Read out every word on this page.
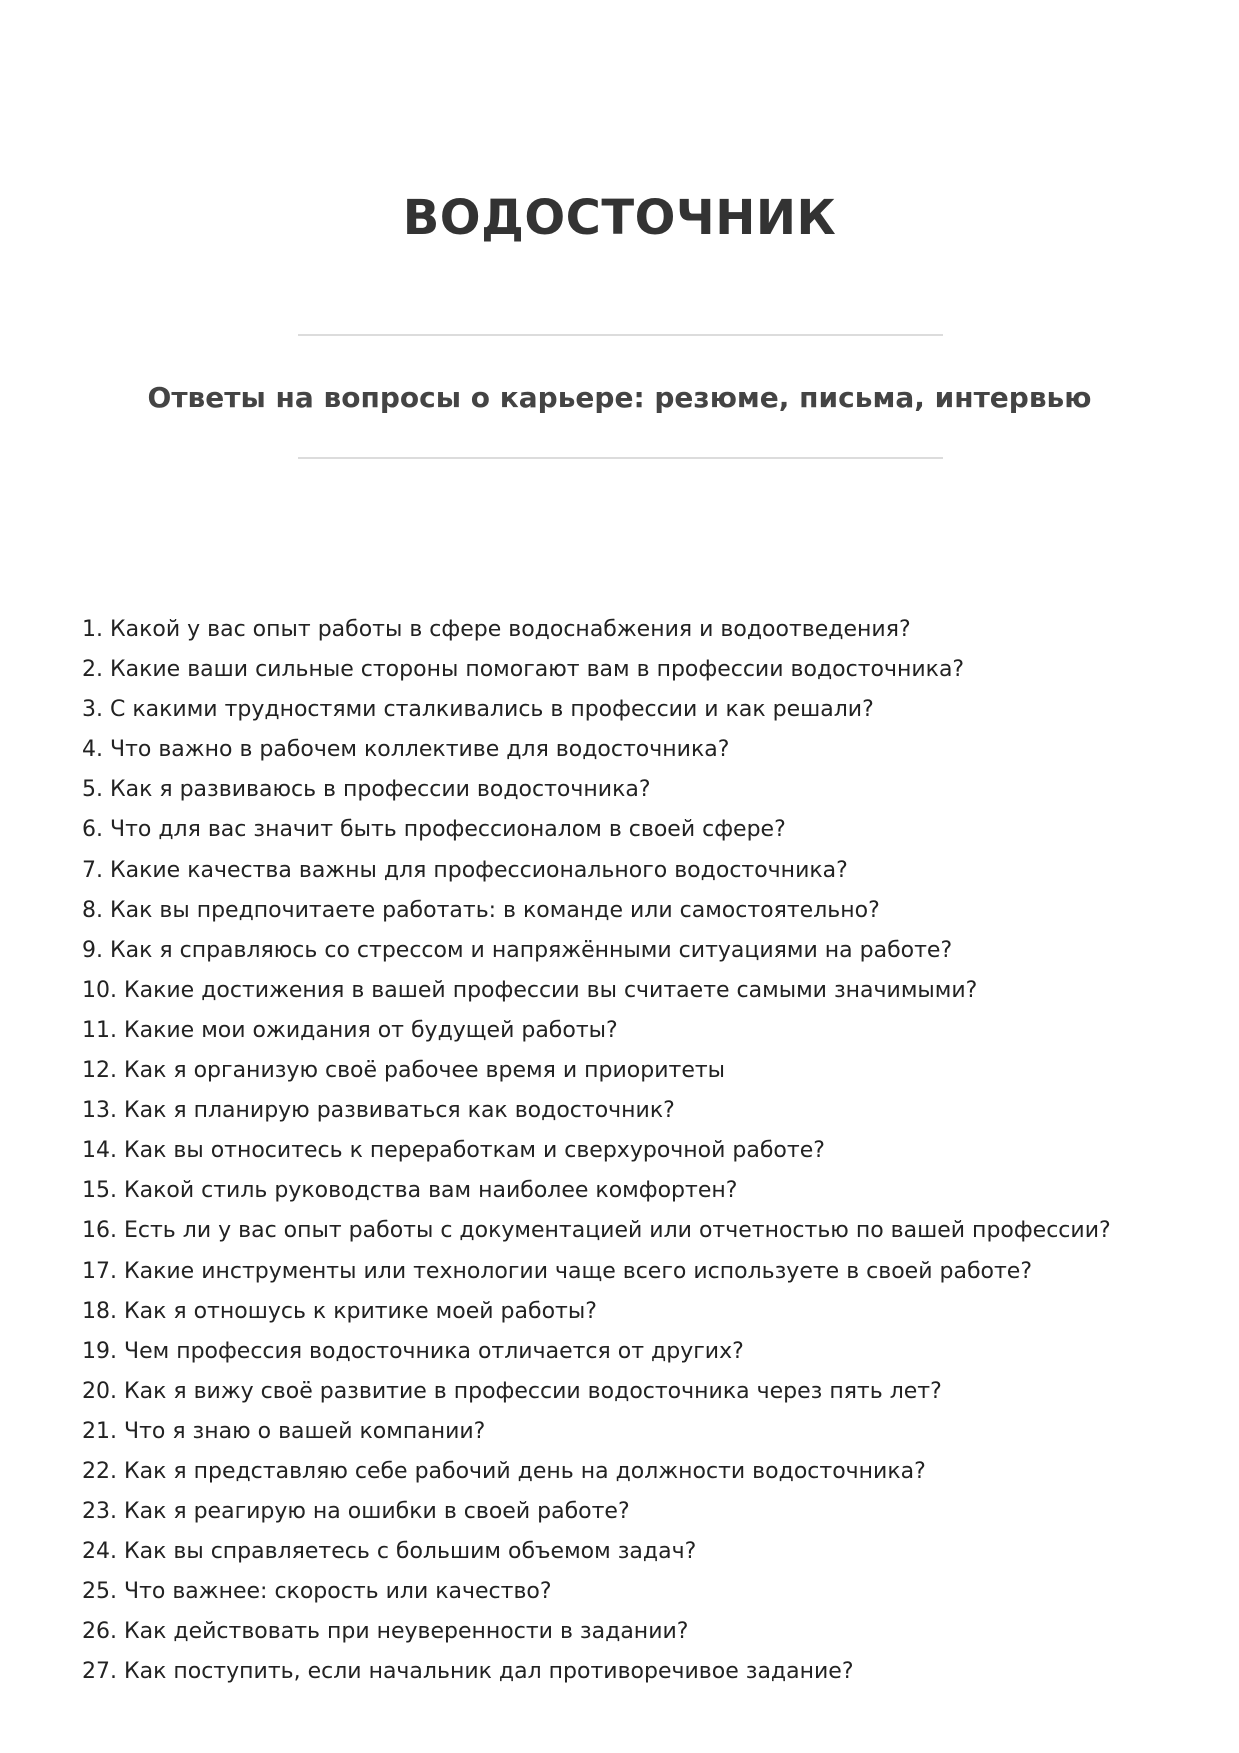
ВОДОСТОЧНИК
Ответы на вопросы о карьере: резюме, письма, интервью
1. Какой у вас опыт работы в сфере водоснабжения и водоотведения?
2. Какие ваши сильные стороны помогают вам в профессии водосточника?
3. С какими трудностями сталкивались в профессии и как решали?
4. Что важно в рабочем коллективе для водосточника?
5. Как я развиваюсь в профессии водосточника?
6. Что для вас значит быть профессионалом в своей сфере?
7. Какие качества важны для профессионального водосточника?
8. Как вы предпочитаете работать: в команде или самостоятельно?
9. Как я справляюсь со стрессом и напряжёнными ситуациями на работе?
10. Какие достижения в вашей профессии вы считаете самыми значимыми?
11. Какие мои ожидания от будущей работы?
12. Как я организую своё рабочее время и приоритеты
13. Как я планирую развиваться как водосточник?
14. Как вы относитесь к переработкам и сверхурочной работе?
15. Какой стиль руководства вам наиболее комфортен?
16. Есть ли у вас опыт работы с документацией или отчетностью по вашей профессии?
17. Какие инструменты или технологии чаще всего используете в своей работе?
18. Как я отношусь к критике моей работы?
19. Чем профессия водосточника отличается от других?
20. Как я вижу своё развитие в профессии водосточника через пять лет?
21. Что я знаю о вашей компании?
22. Как я представляю себе рабочий день на должности водосточника?
23. Как я реагирую на ошибки в своей работе?
24. Как вы справляетесь с большим объемом задач?
25. Что важнее: скорость или качество?
26. Как действовать при неуверенности в задании?
27. Как поступить, если начальник дал противоречивое задание?
